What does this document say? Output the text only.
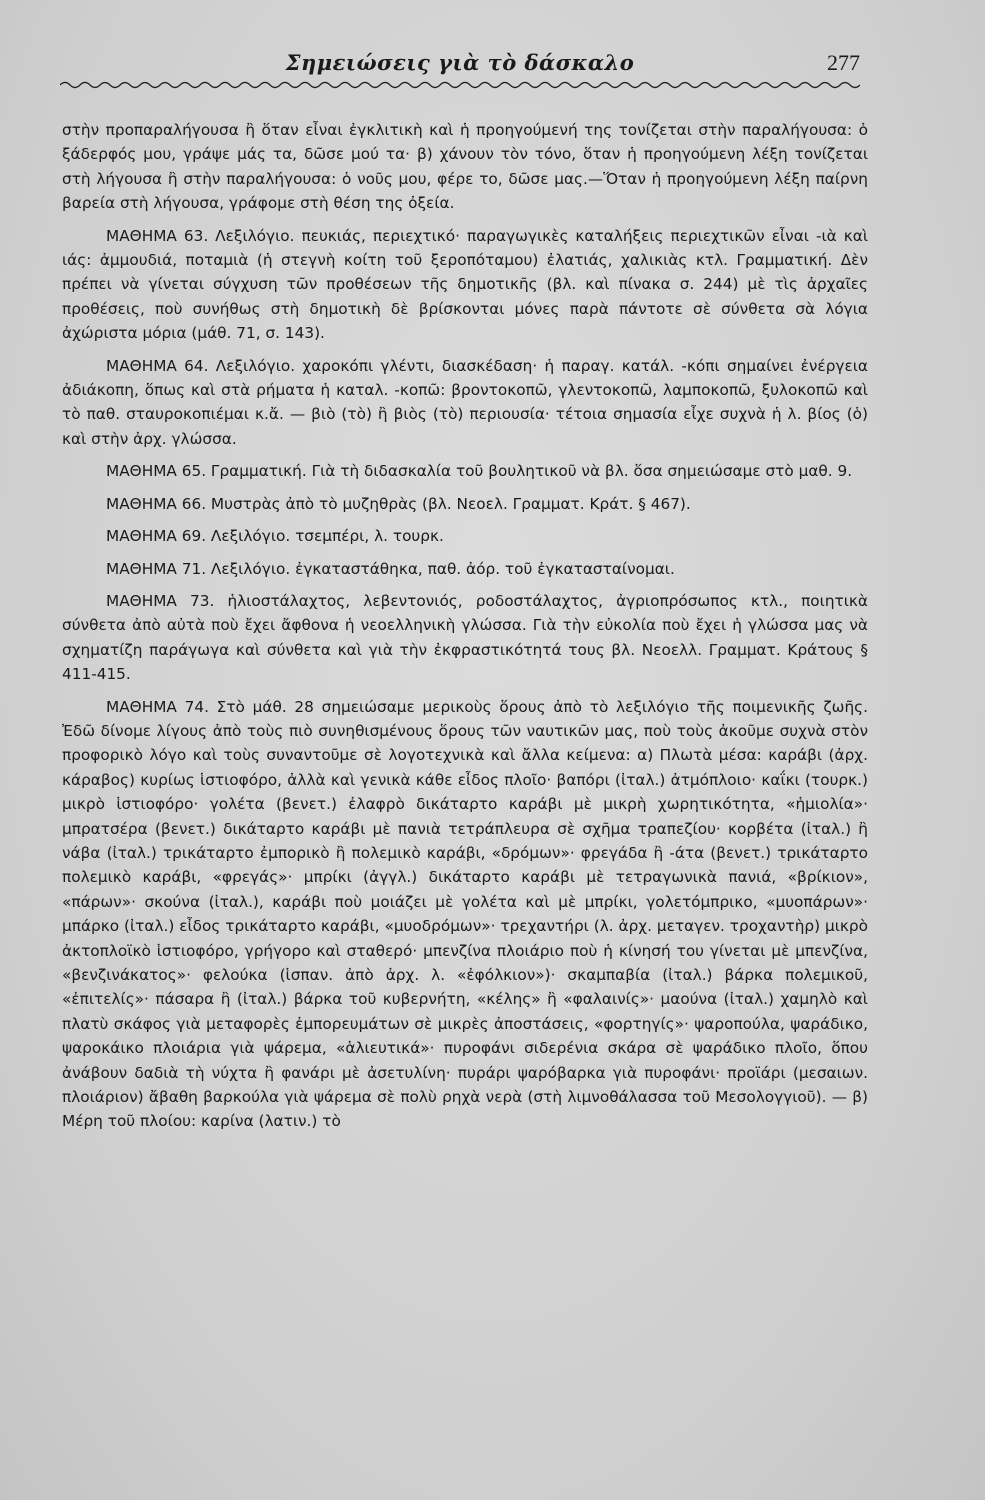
Σημειώσεις γιὰ τὸ δάσκαλο	277

στὴν προπαραλήγουσα ἢ ὅταν εἶναι ἐγκλιτικὴ καὶ ἡ προηγούμενή της τονίζεται στὴν παραλήγουσα: ὁ ξάδερφός μου, γράψε μάς τα, δῶσε μού τα· β) χάνουν τὸν τόνο, ὅταν ἡ προηγούμενη λέξη τονίζεται στὴ λήγουσα ἢ στὴν παραλήγουσα: ὁ νοῦς μου, φέρε το, δῶσε μας.—Ὅταν ἡ προηγούμενη λέξη παίρνη βαρεία στὴ λήγουσα, γράφομε στὴ θέση της ὀξεία.

ΜΑΘΗΜΑ 63. Λεξιλόγιο. πευκιάς, περιεχτικό· παραγωγικὲς καταλήξεις περιεχτικῶν εἶναι -ιὰ καὶ ιάς: ἀμμουδιά, ποταμιὰ (ἡ στεγνὴ κοίτη τοῦ ξεροπόταμου) ἐλατιάς, χαλικιὰς κτλ. Γραμματική. Δὲν πρέπει νὰ γίνεται σύγχυση τῶν προθέσεων τῆς δημοτικῆς (βλ. καὶ πίνακα σ. 244) μὲ τὶς ἀρχαῖες προθέσεις, ποὺ συνήθως στὴ δημοτικὴ δὲ βρίσκονται μόνες παρὰ πάντοτε σὲ σύνθετα σὰ λόγια ἀχώριστα μόρια (μάθ. 71, σ. 143).

ΜΑΘΗΜΑ 64. Λεξιλόγιο. χαροκόπι γλέντι, διασκέδαση· ἡ παραγ. κατάλ. -κόπι σημαίνει ἐνέργεια ἀδιάκοπη, ὅπως καὶ στὰ ρήματα ἡ καταλ. -κοπῶ: βροντοκοπῶ, γλεντοκοπῶ, λαμποκοπῶ, ξυλοκοπῶ καὶ τὸ παθ. σταυροκοπιέμαι κ.ἄ. — βιὸ (τὸ) ἢ βιὸς (τὸ) περιουσία· τέτοια σημασία εἶχε συχνὰ ἡ λ. βίος (ὁ) καὶ στὴν ἀρχ. γλώσσα.

ΜΑΘΗΜΑ 65. Γραμματική. Γιὰ τὴ διδασκαλία τοῦ βουλητικοῦ νὰ βλ. ὅσα σημειώσαμε στὸ μαθ. 9.

ΜΑΘΗΜΑ 66. Μυστρὰς ἀπὸ τὸ μυζηθρὰς (βλ. Νεοελ. Γραμματ. Κράτ. § 467).

ΜΑΘΗΜΑ 69. Λεξιλόγιο. τσεμπέρι, λ. τουρκ.

ΜΑΘΗΜΑ 71. Λεξιλόγιο. ἐγκαταστάθηκα, παθ. ἀόρ. τοῦ ἐγκατασταίνομαι.

ΜΑΘΗΜΑ 73. ἡλιοστάλαχτος, λεβεντονιός, ροδοστάλαχτος, ἀγριοπρόσωπος κτλ., ποιητικὰ σύνθετα ἀπὸ αὐτὰ ποὺ ἔχει ἄφθονα ἡ νεοελληνικὴ γλώσσα. Γιὰ τὴν εὐκολία ποὺ ἔχει ἡ γλώσσα μας νὰ σχηματίζη παράγωγα καὶ σύνθετα καὶ γιὰ τὴν ἐκφραστικότητά τους βλ. Νεοελλ. Γραμματ. Κράτους § 411-415.

ΜΑΘΗΜΑ 74. Στὸ μάθ. 28 σημειώσαμε μερικοὺς ὅρους ἀπὸ τὸ λεξιλόγιο τῆς ποιμενικῆς ζωῆς. Ἐδῶ δίνομε λίγους ἀπὸ τοὺς πιὸ συνηθισμένους ὅρους τῶν ναυτικῶν μας, ποὺ τοὺς ἀκοῦμε συχνὰ στὸν προφορικὸ λόγο καὶ τοὺς συναντοῦμε σὲ λογοτεχνικὰ καὶ ἄλλα κείμενα: α) Πλωτὰ μέσα: καράβι (ἀρχ. κάραβος) κυρίως ἱστιοφόρο, ἀλλὰ καὶ γενικὰ κάθε εἶδος πλοῖο· βαπόρι (ἰταλ.) ἀτμόπλοιο· καΐκι (τουρκ.) μικρὸ ἱστιοφόρο· γολέτα (βενετ.) ἐλαφρὸ δικάταρτο καράβι μὲ μικρὴ χωρητικότητα, «ἡμιολία»· μπρατσέρα (βενετ.) δικάταρτο καράβι μὲ πανιὰ τετράπλευρα σὲ σχῆμα τραπεζίου· κορβέτα (ἰταλ.) ἢ νάβα (ἰταλ.) τρικάταρτο ἐμπορικὸ ἢ πολεμικὸ καράβι, «δρόμων»· φρεγάδα ἢ -άτα (βενετ.) τρικάταρτο πολεμικὸ καράβι, «φρεγάς»· μπρίκι (ἀγγλ.) δικάταρτο καράβι μὲ τετραγωνικὰ πανιά, «βρίκιον», «πάρων»· σκούνα (ἰταλ.), καράβι ποὺ μοιάζει μὲ γολέτα καὶ μὲ μπρίκι, γολετόμπρικο, «μυοπάρων»· μπάρκο (ἰταλ.) εἶδος τρικάταρτο καράβι, «μυοδρόμων»· τρεχαντήρι (λ. ἀρχ. μεταγεν. τροχαντὴρ) μικρὸ ἀκτοπλοϊκὸ ἱστιοφόρο, γρήγορο καὶ σταθερό· μπενζίνα πλοιάριο ποὺ ἡ κίνησή του γίνεται μὲ μπενζίνα, «βενζινάκατος»· φελούκα (ἱσπαν. ἀπὸ ἀρχ. λ. «ἐφόλκιον»)· σκαμπαβία (ἰταλ.) βάρκα πολεμικοῦ, «ἐπιτελίς»· πάσαρα ἢ (ἰταλ.) βάρκα τοῦ κυβερνήτη, «κέλης» ἢ «φαλαινίς»· μαούνα (ἰταλ.) χαμηλὸ καὶ πλατὺ σκάφος γιὰ μεταφορὲς ἐμπορευμάτων σὲ μικρὲς ἀποστάσεις, «φορτηγίς»· ψαροπούλα, ψαράδικο, ψαροκάικο πλοιάρια γιὰ ψάρεμα, «ἁλιευτικά»· πυροφάνι σιδερένια σκάρα σὲ ψαράδικο πλοῖο, ὅπου ἀνάβουν δαδιὰ τὴ νύχτα ἢ φανάρι μὲ ἀσετυλίνη· πυράρι ψαρόβαρκα γιὰ πυροφάνι· προϊάρι (μεσαιων. πλοιάριον) ἄβαθη βαρκούλα γιὰ ψάρεμα σὲ πολὺ ρηχὰ νερὰ (στὴ λιμνοθάλασσα τοῦ Μεσολογγιοῦ). — β) Μέρη τοῦ πλοίου: καρίνα (λατιν.) τὸ
